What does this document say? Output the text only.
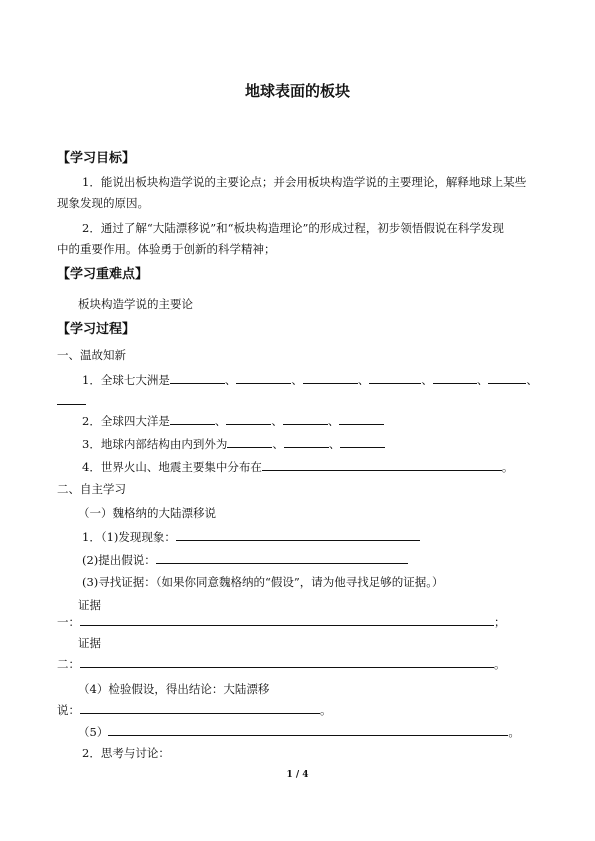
地球表面的板块
【学习目标】
1．能说出板块构造学说的主要论点；并会用板块构造学说的主要理论，解释地球上某些
现象发现的原因。
2．通过了解“大陆漂移说”和“板块构造理论”的形成过程，初步领悟假说在科学发现
中的重要作用。体验勇于创新的科学精神；
【学习重难点】
板块构造学说的主要论
【学习过程】
一、温故知新
1．全球七大洲是	、	、	、	、	、	、
2．全球四大洋是	、	、	、
3．地球内部结构由内到外为	、	、
4．世界火山、地震主要集中分布在	。
二、自主学习
（一）魏格纳的大陆漂移说
1．（1)发现现象：
(2)提出假说：
(3)寻找证据：（如果你同意魏格纳的“假设”，请为他寻找足够的证据。）
证据
一：	；
证据
二：	。
（4）检验假设，得出结论：大陆漂移
说：	。
（5）	。
2．思考与讨论：
1 / 4
